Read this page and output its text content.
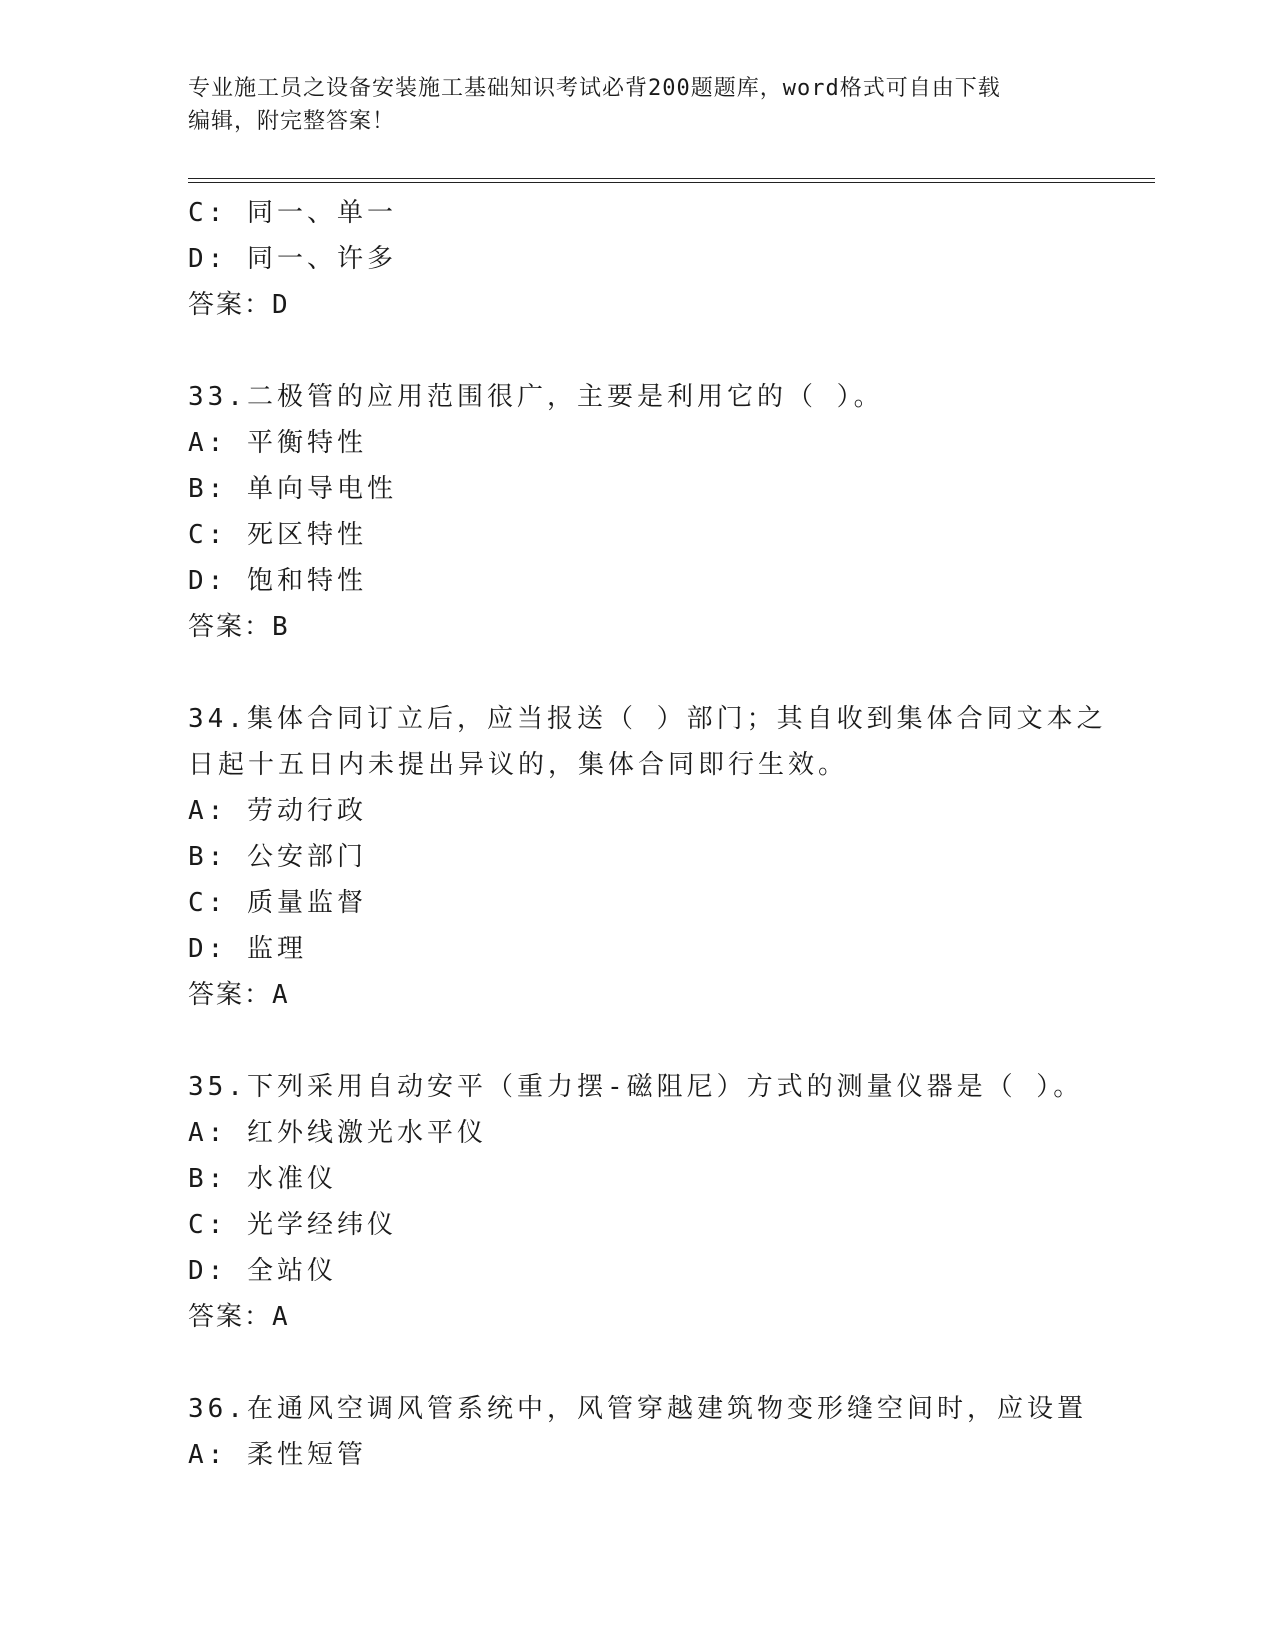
专业施工员之设备安装施工基础知识考试必背200题题库，word格式可自由下载
编辑，附完整答案！
C: 同一、单一
D: 同一、许多
答案：D
33.二极管的应用范围很广，主要是利用它的（ ）。
A: 平衡特性
B: 单向导电性
C: 死区特性
D: 饱和特性
答案：B
34.集体合同订立后，应当报送（ ）部门；其自收到集体合同文本之
日起十五日内未提出异议的，集体合同即行生效。
A: 劳动行政
B: 公安部门
C: 质量监督
D: 监理
答案：A
35.下列采用自动安平（重力摆-磁阻尼）方式的测量仪器是（ ）。
A: 红外线激光水平仪
B: 水准仪
C: 光学经纬仪
D: 全站仪
答案：A
36.在通风空调风管系统中，风管穿越建筑物变形缝空间时，应设置
A: 柔性短管
